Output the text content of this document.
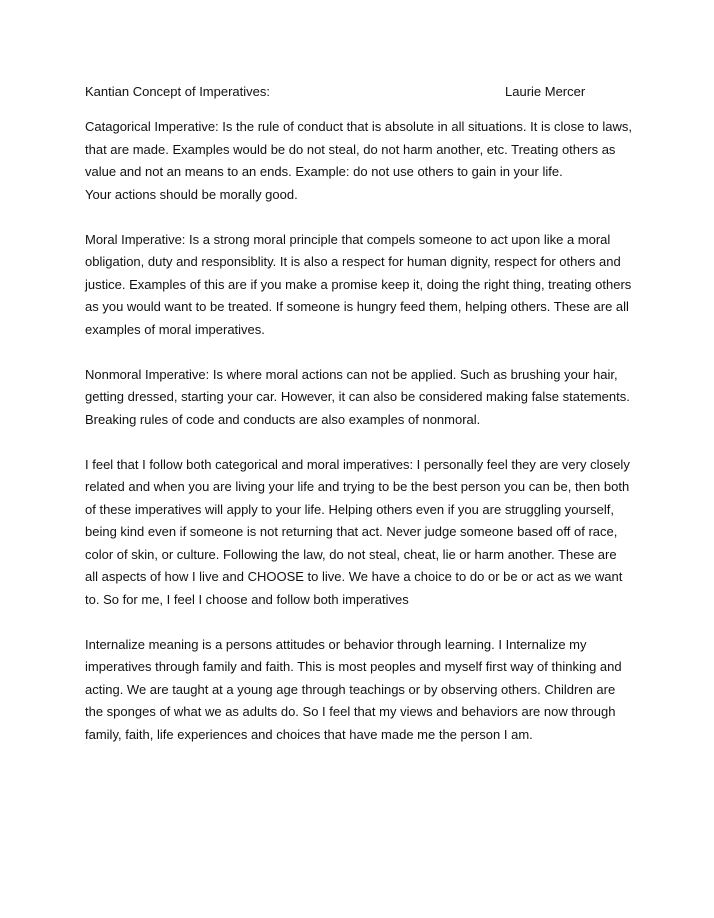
Kantian Concept of Imperatives:	Laurie Mercer

Catagorical Imperative: Is the rule of conduct that is absolute in all situations. It is close to laws,
that are made. Examples would be do not steal, do not harm another, etc. Treating others as
value and not an means to an ends. Example: do not use others to gain in your life.
Your actions should be morally good.

Moral Imperative: Is a strong moral principle that compels someone to act upon like a moral
obligation, duty and responsiblity. It is also a respect for human dignity, respect for others and
justice. Examples of this are if you make a promise keep it, doing the right thing, treating others
as you would want to be treated. If someone is hungry feed them, helping others. These are all
examples of moral imperatives.

Nonmoral Imperative: Is where moral actions can not be applied. Such as brushing your hair,
getting dressed, starting your car. However, it can also be considered making false statements.
Breaking rules of code and conducts are also examples of nonmoral.

I feel that I follow both categorical and moral imperatives: I personally feel they are very closely
related and when you are living your life and trying to be the best person you can be, then both
of these imperatives will apply to your life. Helping others even if you are struggling yourself,
being kind even if someone is not returning that act. Never judge someone based off of race,
color of skin, or culture. Following the law, do not steal, cheat, lie or harm another. These are
all aspects of how I live and CHOOSE to live. We have a choice to do or be or act as we want
to. So for me, I feel I choose and follow both imperatives

Internalize meaning is a persons attitudes or behavior through learning. I Internalize my
imperatives through family and faith. This is most peoples and myself first way of thinking and
acting. We are taught at a young age through teachings or by observing others. Children are
the sponges of what we as adults do. So I feel that my views and behaviors are now through
family, faith, life experiences and choices that have made me the person I am.
